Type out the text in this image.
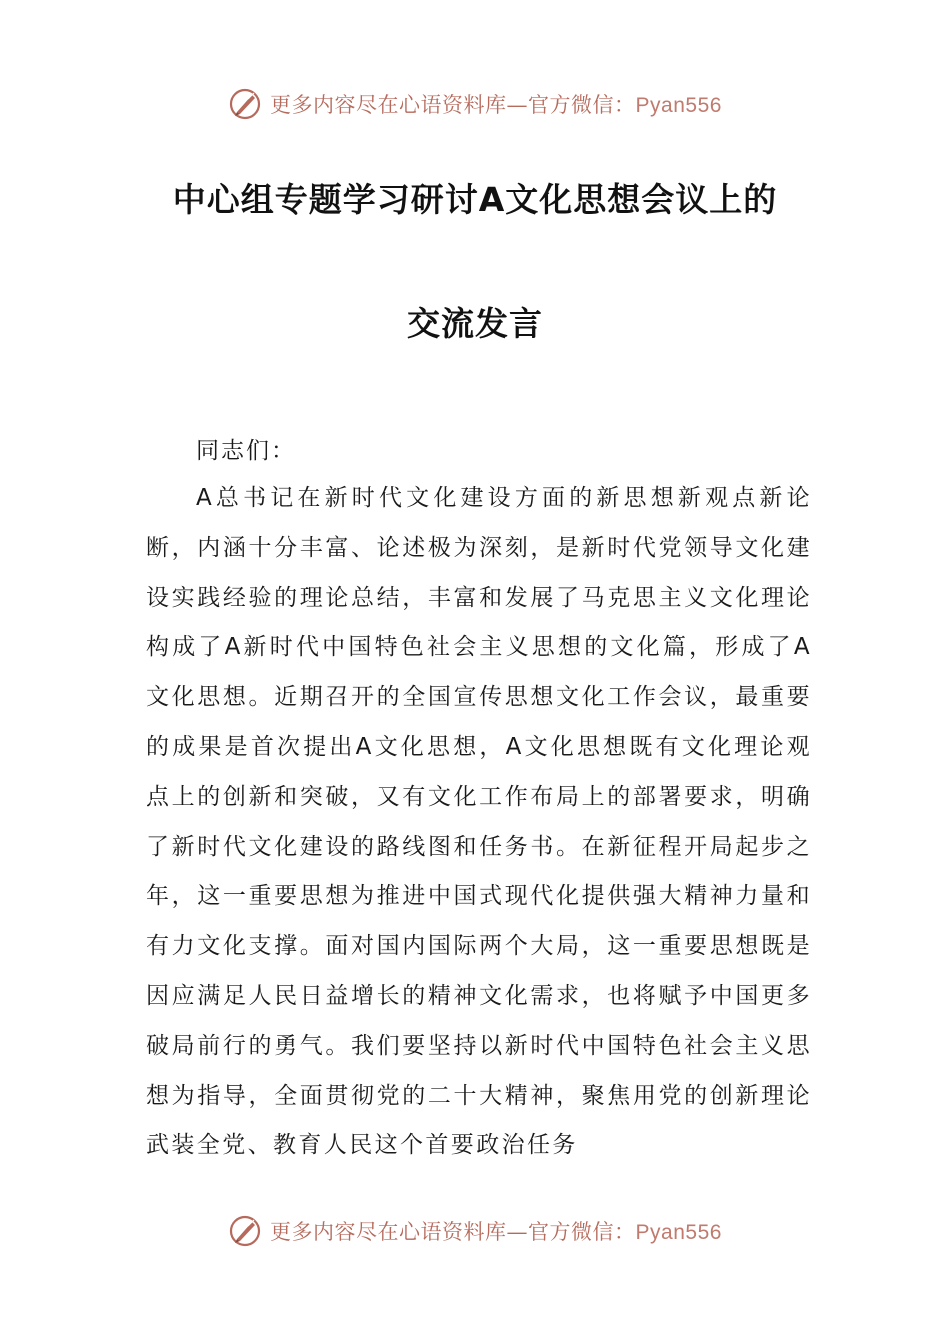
更多内容尽在心语资料库—官方微信：Pyan556
中心组专题学习研讨A文化思想会议上的
交流发言
同志们：

A总书记在新时代文化建设方面的新思想新观点新论断，内涵十分丰富、论述极为深刻，是新时代党领导文化建设实践经验的理论总结，丰富和发展了马克思主义文化理论构成了A新时代中国特色社会主义思想的文化篇，形成了A文化思想。近期召开的全国宣传思想文化工作会议，最重要的成果是首次提出A文化思想，A文化思想既有文化理论观点上的创新和突破，又有文化工作布局上的部署要求，明确了新时代文化建设的路线图和任务书。在新征程开局起步之年，这一重要思想为推进中国式现代化提供强大精神力量和有力文化支撑。面对国内国际两个大局，这一重要思想既是因应满足人民日益增长的精神文化需求，也将赋予中国更多破局前行的勇气。我们要坚持以新时代中国特色社会主义思想为指导，全面贯彻党的二十大精神，聚焦用党的创新理论武装全党、教育人民这个首要政治任务

更多内容尽在心语资料库—官方微信：Pyan556
